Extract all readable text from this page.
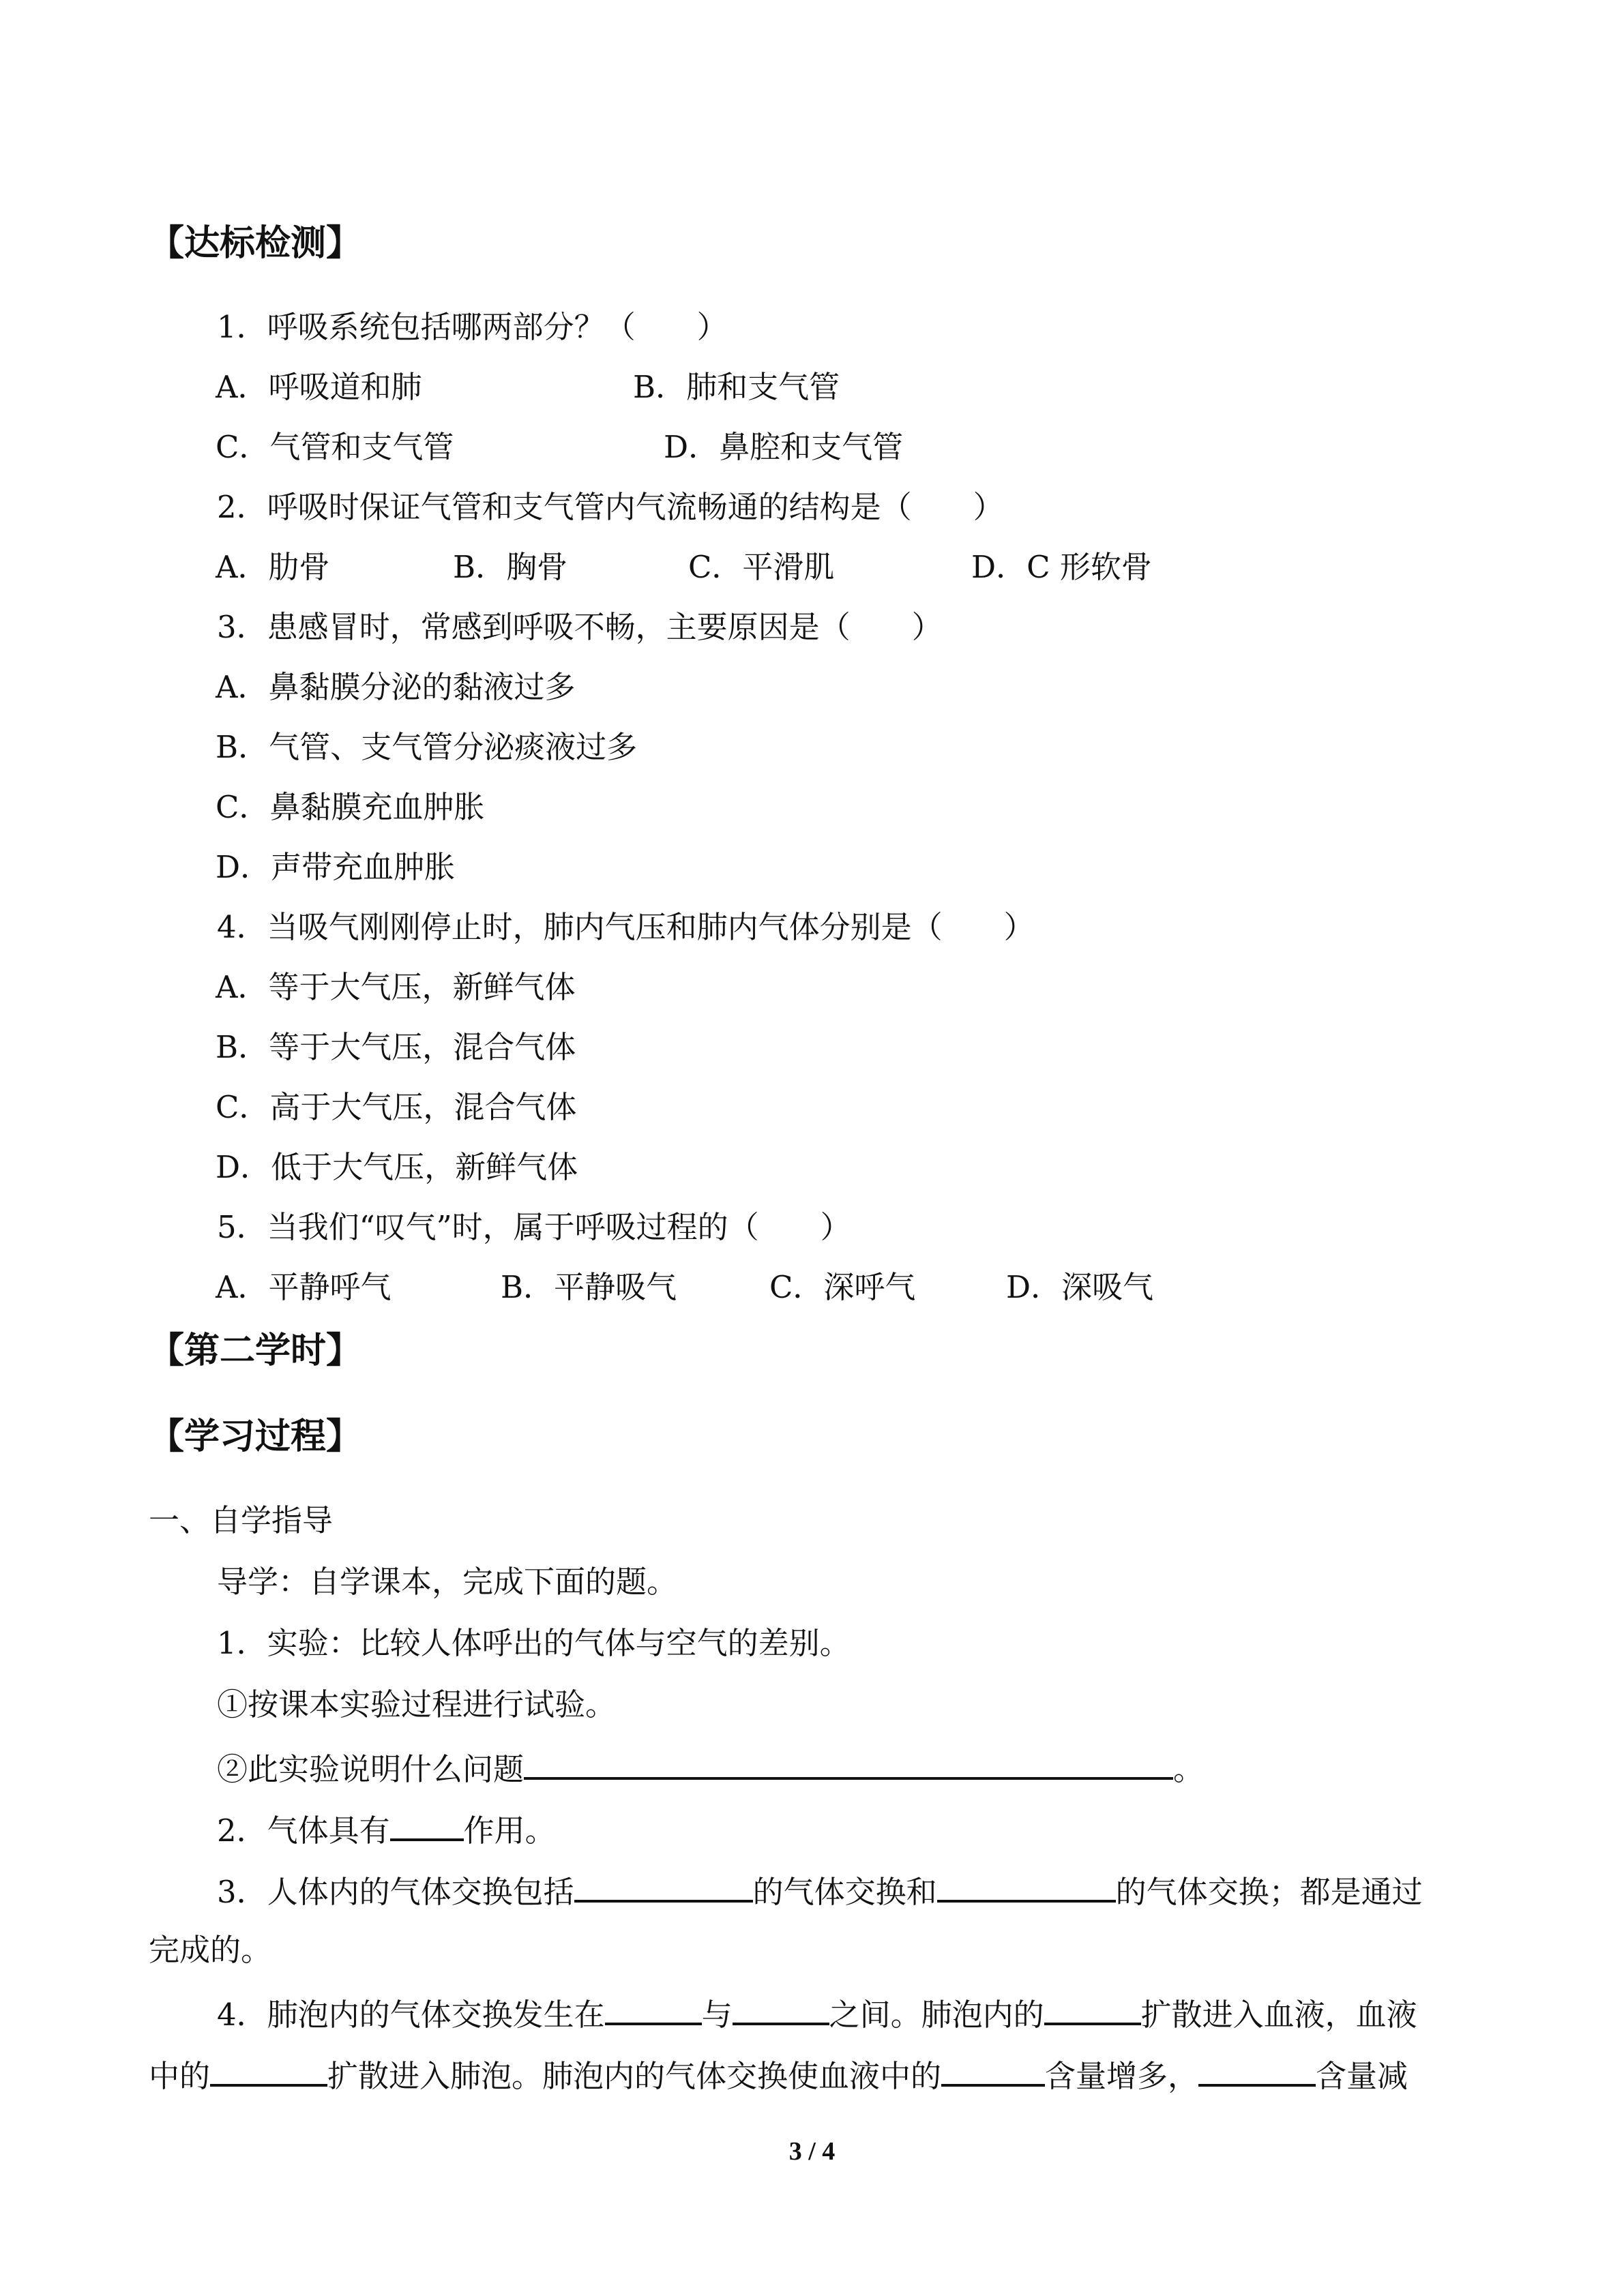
【达标检测】
1．呼吸系统包括哪两部分？（　　）
A．呼吸道和肺	B．肺和支气管
C．气管和支气管	D．鼻腔和支气管
2．呼吸时保证气管和支气管内气流畅通的结构是（　　）
A．肋骨	B．胸骨	C．平滑肌	D．C 形软骨
3．患感冒时，常感到呼吸不畅，主要原因是（　　）
A．鼻黏膜分泌的黏液过多
B．气管、支气管分泌痰液过多
C．鼻黏膜充血肿胀
D．声带充血肿胀
4．当吸气刚刚停止时，肺内气压和肺内气体分别是（　　）
A．等于大气压，新鲜气体
B．等于大气压，混合气体
C．高于大气压，混合气体
D．低于大气压，新鲜气体
5．当我们“叹气”时，属于呼吸过程的（　　）
A．平静呼气	B．平静吸气	C．深呼气	D．深吸气
【第二学时】
【学习过程】
一、自学指导
导学：自学课本，完成下面的题。
1．实验：比较人体呼出的气体与空气的差别。
①按课本实验过程进行试验。
②此实验说明什么问题	。
2．气体具有 作用。
3．人体内的气体交换包括	的气体交换和	的气体交换；都是通过
完成的。
4．肺泡内的气体交换发生在	与	之间。肺泡内的	扩散进入血液，血液
中的	扩散进入肺泡。肺泡内的气体交换使血液中的	含量增多，	含量减
3 / 4
